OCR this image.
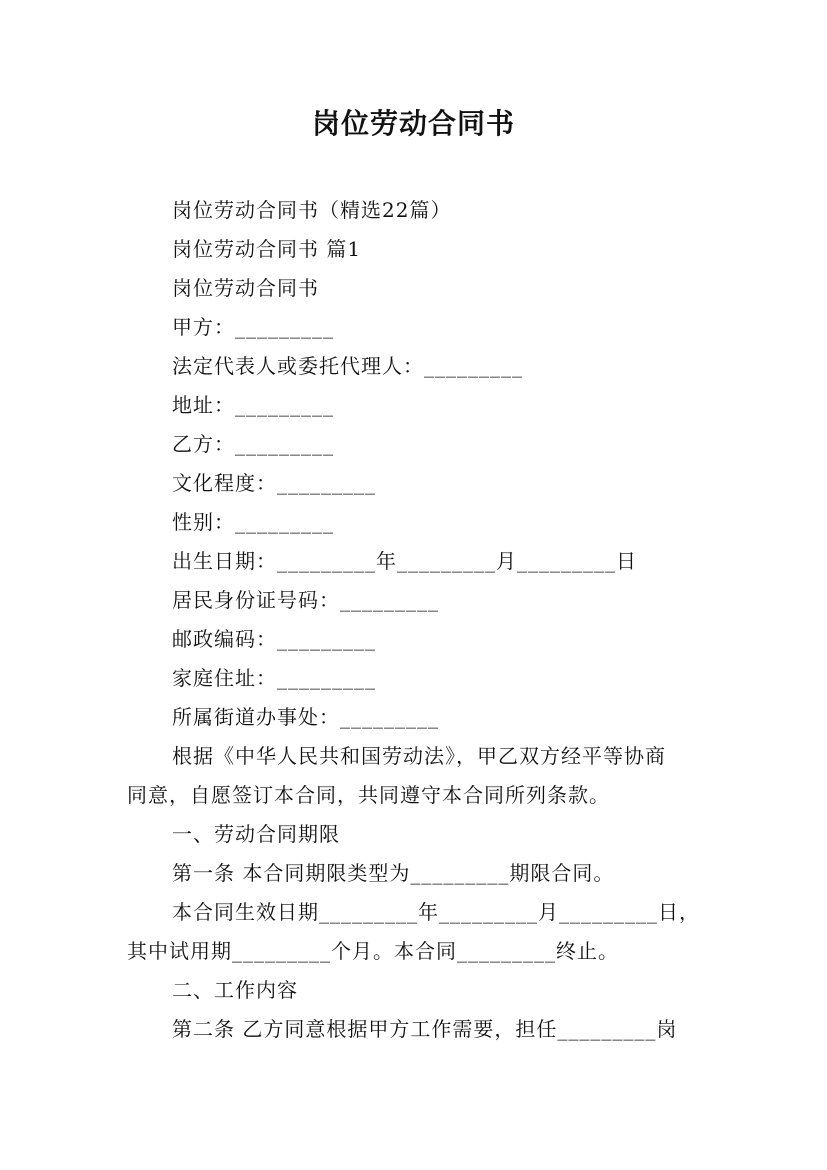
岗位劳动合同书
岗位劳动合同书（精选22篇）
岗位劳动合同书 篇1
岗位劳动合同书
甲方：_________
法定代表人或委托代理人：_________
地址：_________
乙方：_________
文化程度：_________
性别：_________
出生日期：_________年_________月_________日
居民身份证号码：_________
邮政编码：_________
家庭住址：_________
所属街道办事处：_________
根据《中华人民共和国劳动法》，甲乙双方经平等协商
同意，自愿签订本合同，共同遵守本合同所列条款。
一、劳动合同期限
第一条 本合同期限类型为_________期限合同。
本合同生效日期_________年_________月_________日，
其中试用期_________个月。本合同_________终止。
二、工作内容
第二条 乙方同意根据甲方工作需要，担任_________岗
